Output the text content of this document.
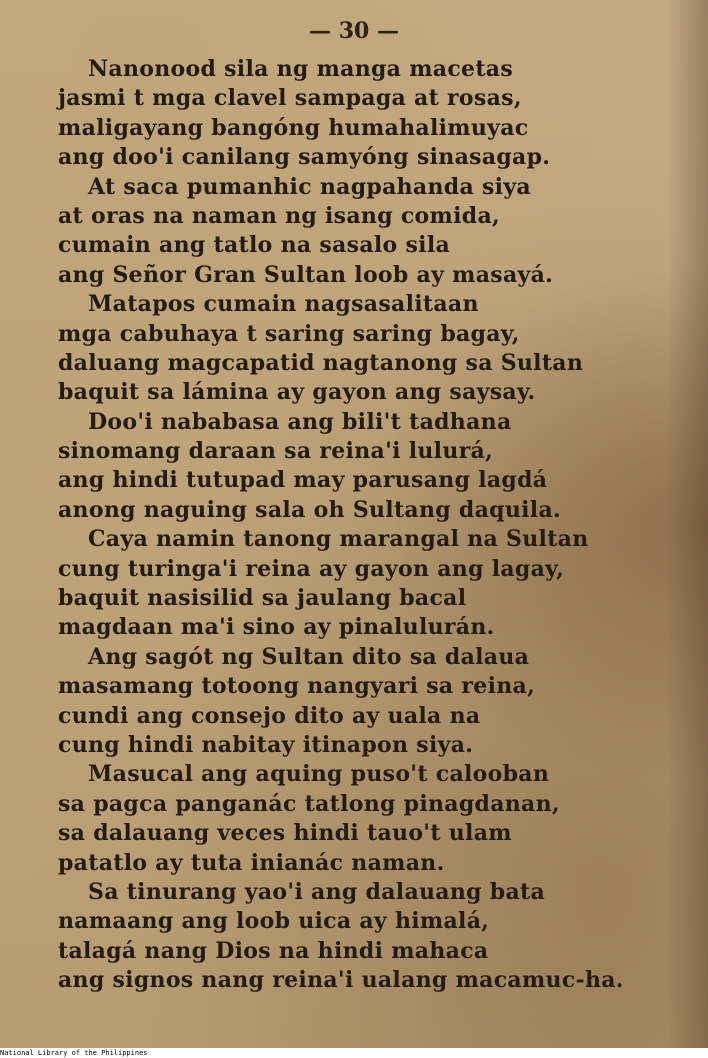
— 30 —
Nanonood sila ng manga macetas
jasmi t mga clavel sampaga at rosas,
maligayang bangóng humahalimuyac
ang doo'i canilang samyóng sinasagap.
At saca pumanhic nagpahanda siya
at oras na naman ng isang comida,
cumain ang tatlo na sasalo sila
ang Señor Gran Sultan loob ay masayá.
Matapos cumain nagsasalitaan
mga cabuhaya t saring saring bagay,
daluang magcapatid nagtanong sa Sultan
baquit sa lámina ay gayon ang saysay.
Doo'i nababasa ang bili't tadhana
sinomang daraan sa reina'i lulurá,
ang hindi tutupad may parusang lagdá
anong naguing sala oh Sultang daquila.
Caya namin tanong marangal na Sultan
cung turinga'i reina ay gayon ang lagay,
baquit nasisilid sa jaulang bacal
magdaan ma'i sino ay pinalulurán.
Ang sagót ng Sultan dito sa dalaua
masamang totoong nangyari sa reina,
cundi ang consejo dito ay uala na
cung hindi nabitay itinapon siya.
Masucal ang aquing puso't calooban
sa pagca panganác tatlong pinagdanan,
sa dalauang veces hindi tauo't ulam
patatlo ay tuta inianác naman.
Sa tinurang yao'i ang dalauang bata
namaang ang loob uica ay himalá,
talagá nang Dios na hindi mahaca
ang signos nang reina'i ualang macamuc-ha.
National Library of the Philippines
